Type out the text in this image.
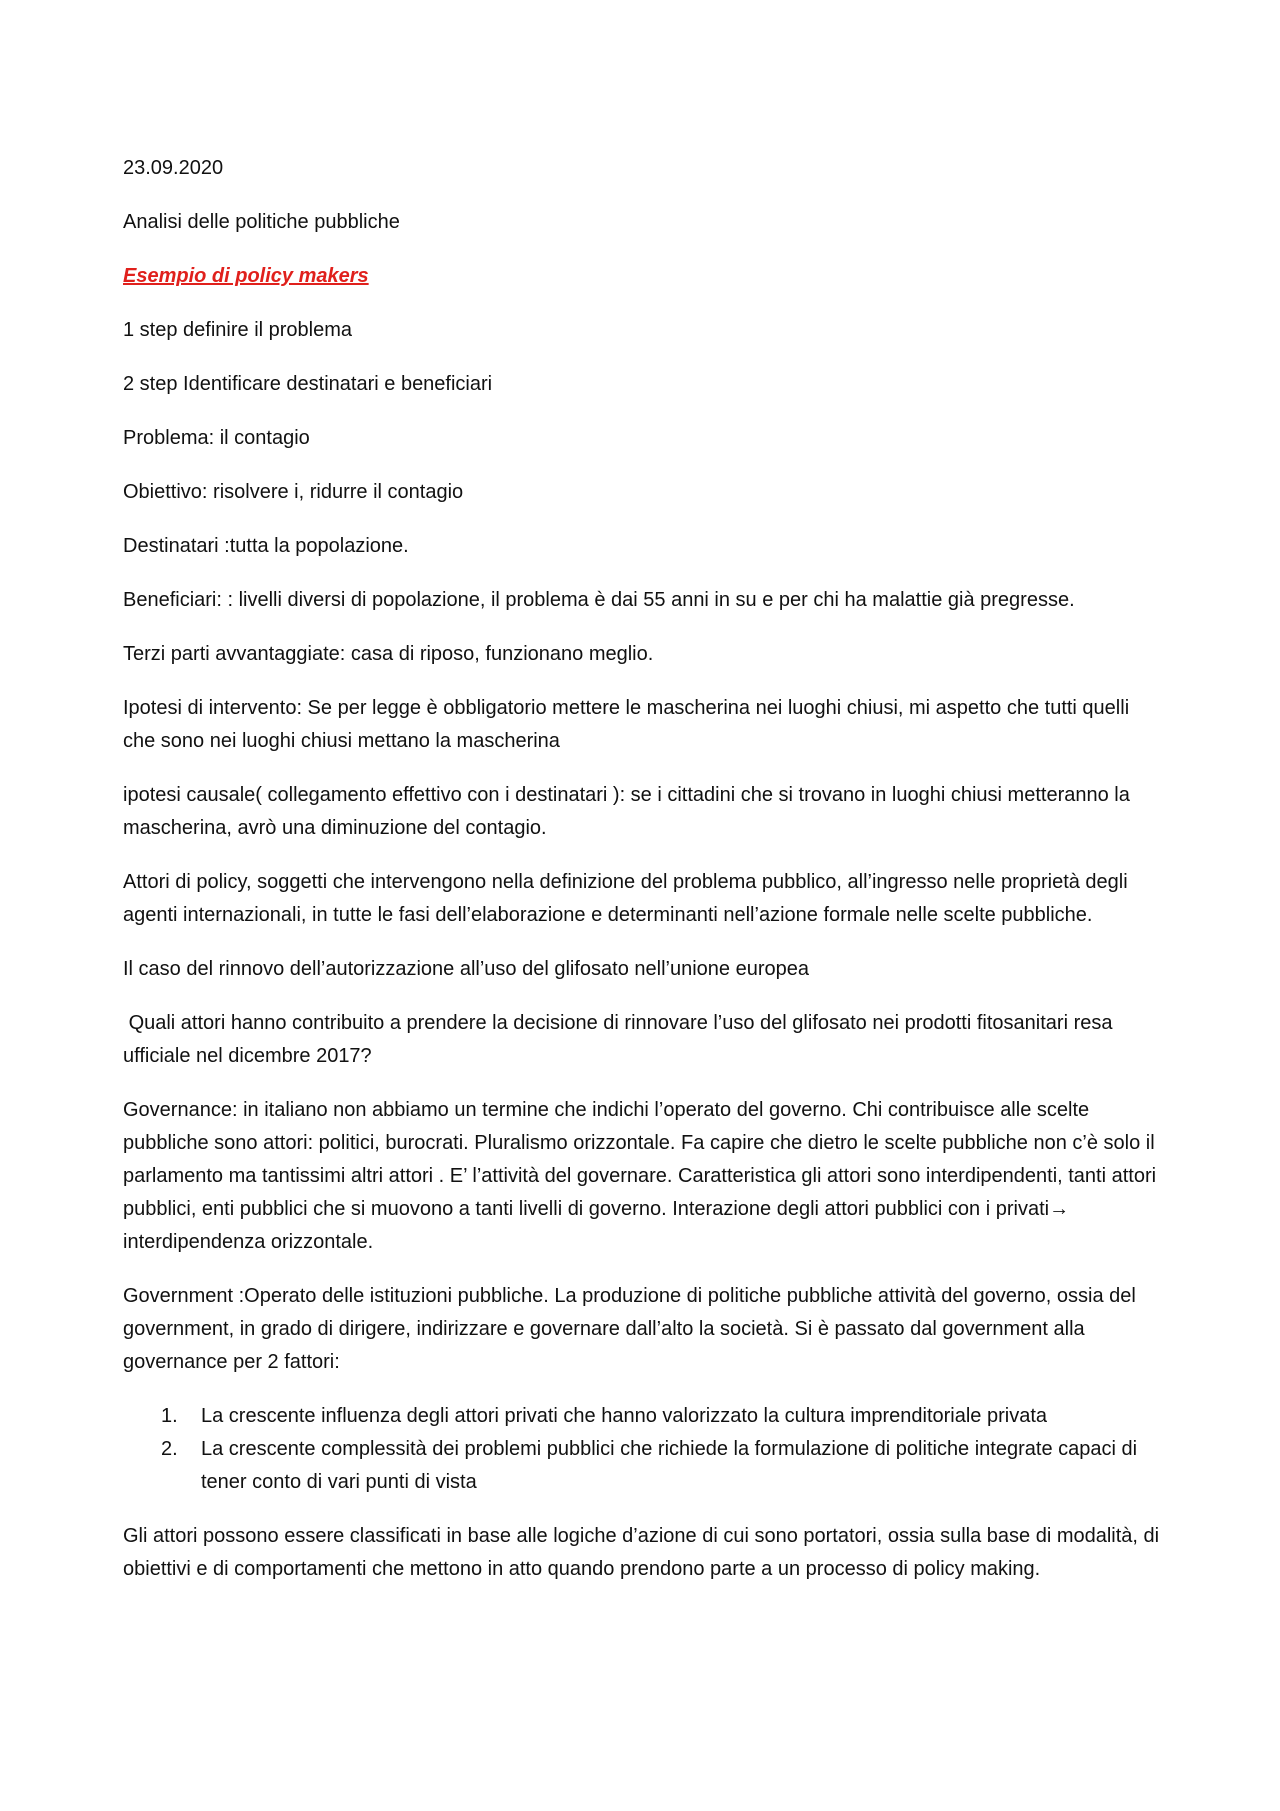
23.09.2020

Analisi delle politiche pubbliche

Esempio di policy makers

1 step definire il problema

2 step Identificare destinatari e beneficiari

Problema: il contagio

Obiettivo: risolvere i, ridurre il contagio

Destinatari :tutta la popolazione.

Beneficiari: : livelli diversi di popolazione, il problema è dai 55 anni in su e per chi ha malattie già pregresse.

Terzi parti avvantaggiate: casa di riposo, funzionano meglio.

Ipotesi di intervento: Se per legge è obbligatorio mettere le mascherina nei luoghi chiusi, mi aspetto che tutti quelli che sono nei luoghi chiusi mettano la mascherina

ipotesi causale( collegamento effettivo con i destinatari ): se i cittadini che si trovano in luoghi chiusi metteranno la mascherina, avrò una diminuzione del contagio.

Attori di policy, soggetti che intervengono nella definizione del problema pubblico, all’ingresso nelle proprietà degli agenti internazionali, in tutte le fasi dell’elaborazione e determinanti nell’azione formale nelle scelte pubbliche.

Il caso del rinnovo dell’autorizzazione all’uso del glifosato nell’unione europea

Quali attori hanno contribuito a prendere la decisione di rinnovare l’uso del glifosato nei prodotti fitosanitari resa ufficiale nel dicembre 2017?

Governance: in italiano non abbiamo un termine che indichi l’operato del governo. Chi contribuisce alle scelte pubbliche sono attori: politici, burocrati. Pluralismo orizzontale. Fa capire che dietro le scelte pubbliche non c’è solo il parlamento ma tantissimi altri attori . E’ l’attività del governare. Caratteristica gli attori sono interdipendenti, tanti attori pubblici, enti pubblici che si muovono a tanti livelli di governo. Interazione degli attori pubblici con i privati→ interdipendenza orizzontale.

Government :Operato delle istituzioni pubbliche. La produzione di politiche pubbliche attività del governo, ossia del government, in grado di dirigere, indirizzare e governare dall’alto la società. Si è passato dal government alla governance per 2 fattori:

1. La crescente influenza degli attori privati che hanno valorizzato la cultura imprenditoriale privata
2. La crescente complessità dei problemi pubblici che richiede la formulazione di politiche integrate capaci di tener conto di vari punti di vista

Gli attori possono essere classificati in base alle logiche d’azione di cui sono portatori, ossia sulla base di modalità, di obiettivi e di comportamenti che mettono in atto quando prendono parte a un processo di policy making.
